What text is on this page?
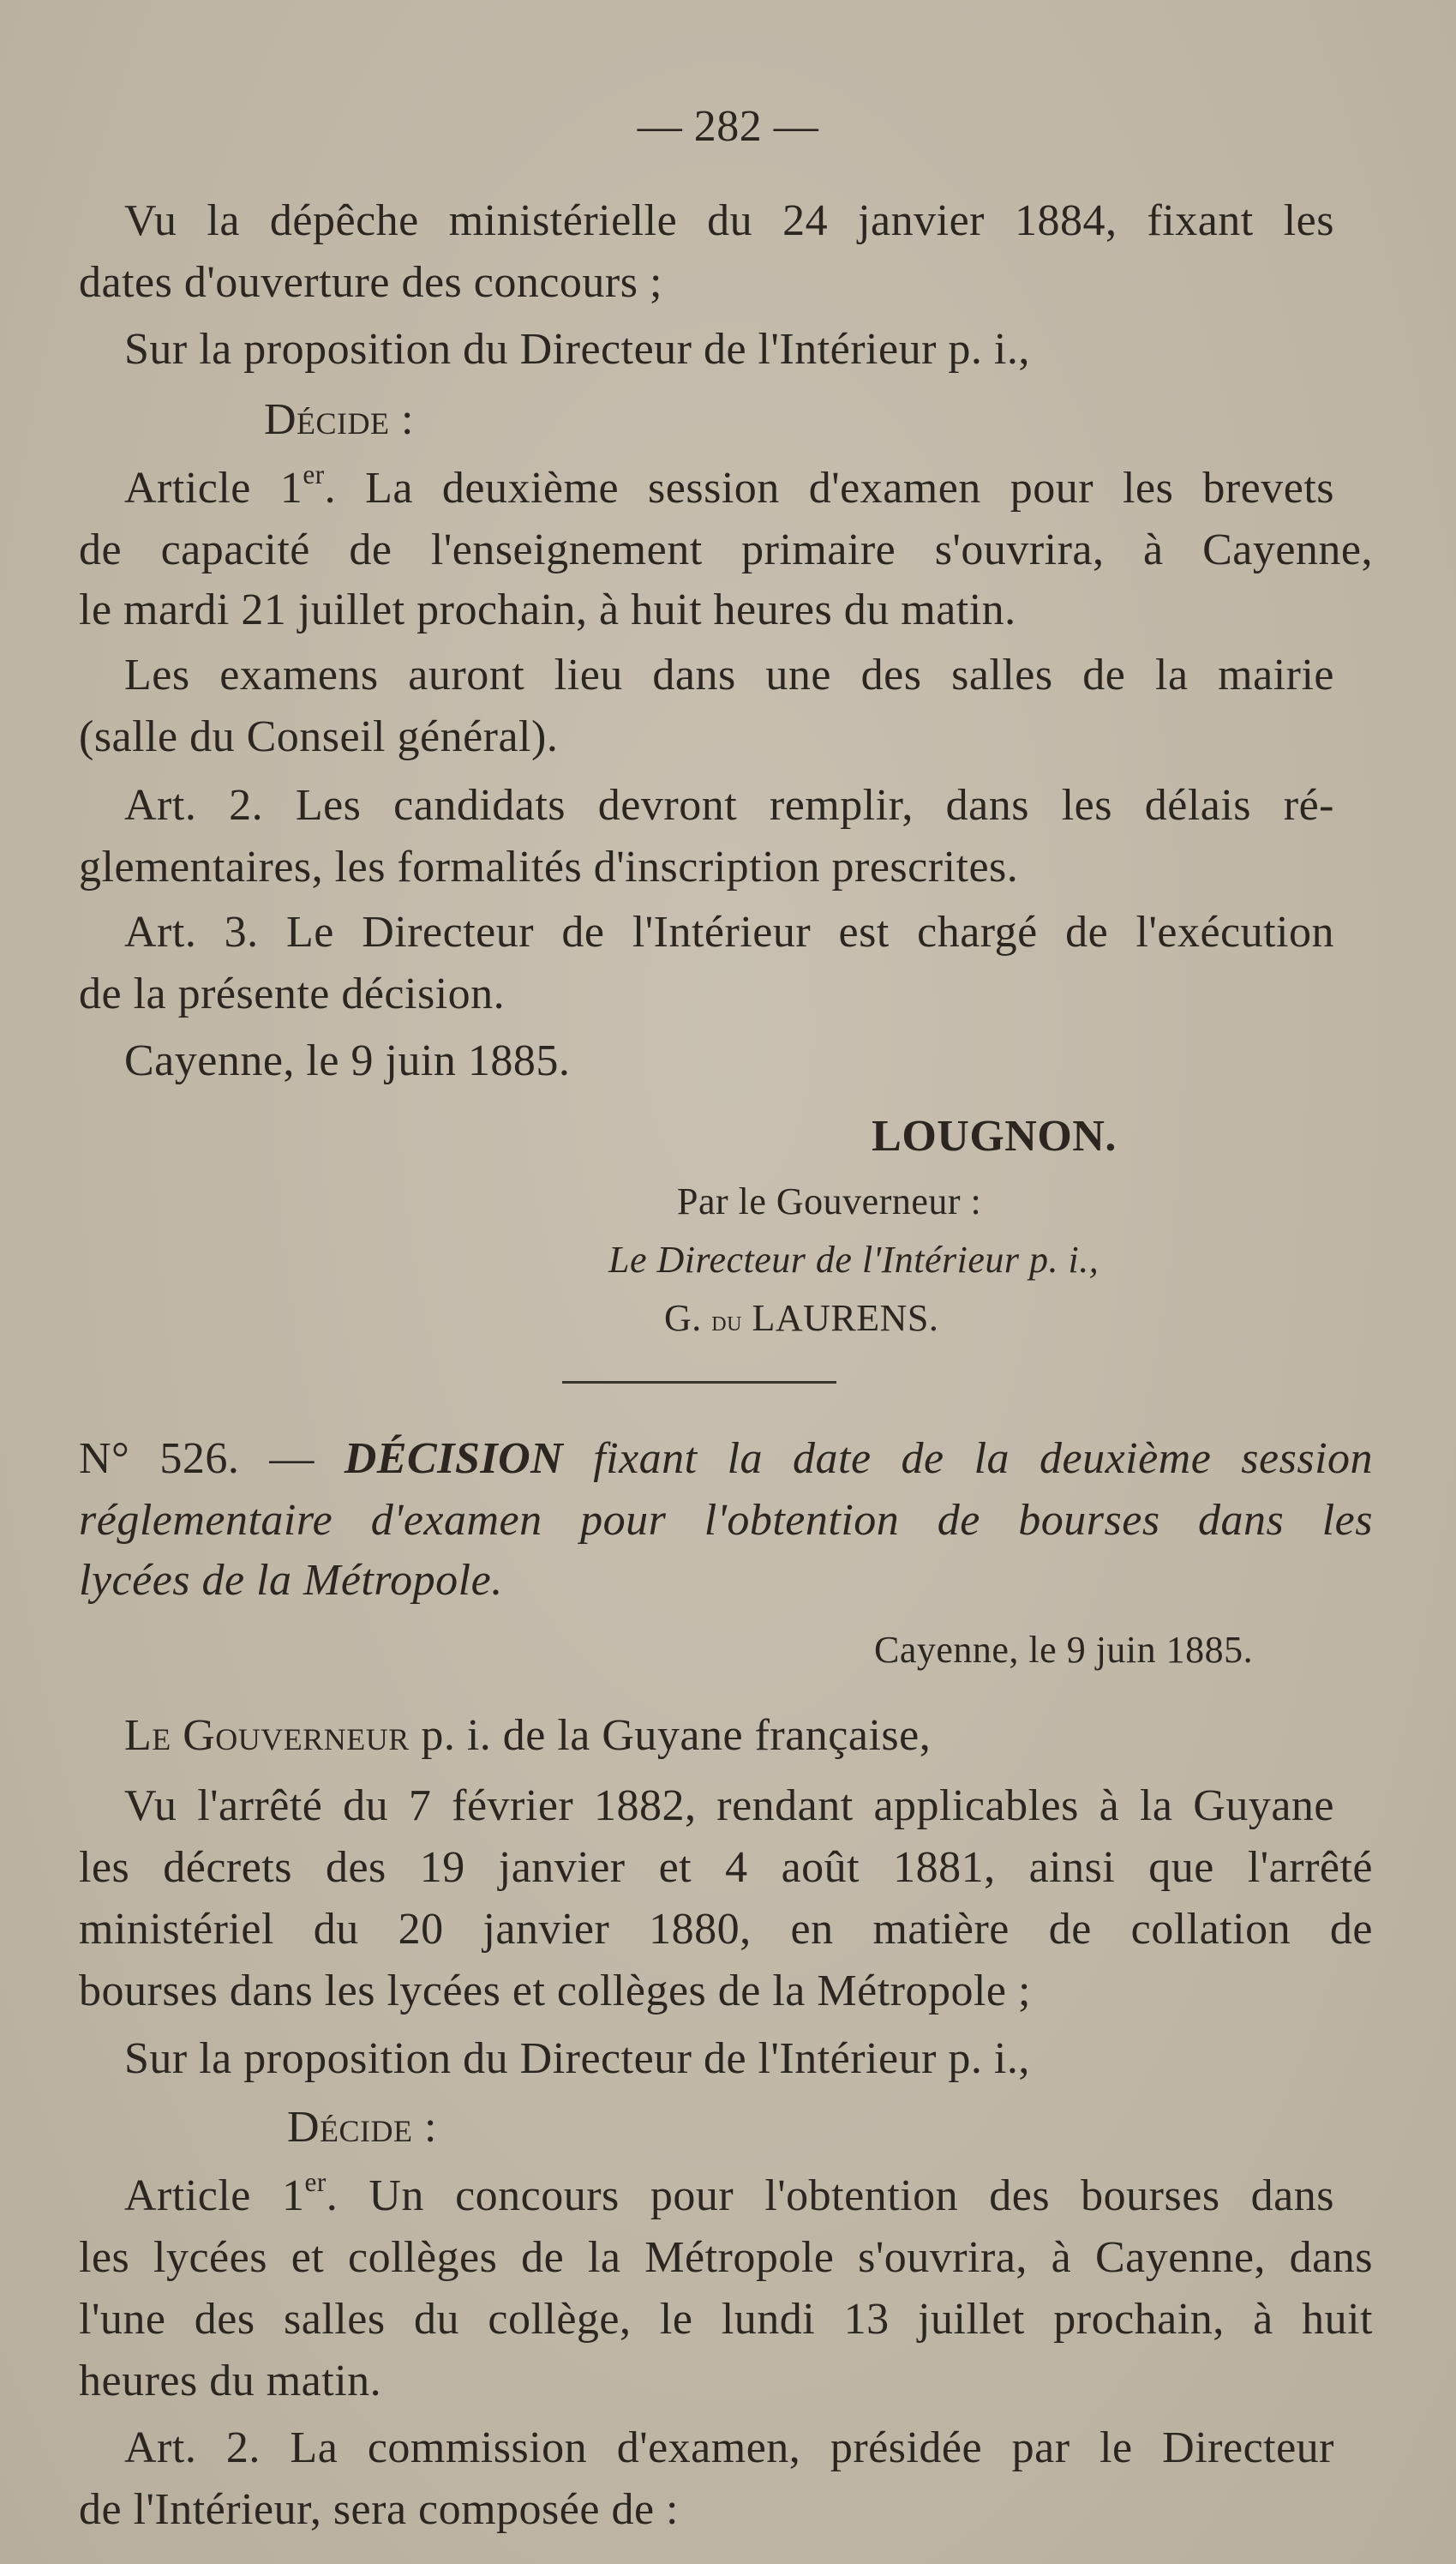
— 282 —
Vu la dépêche ministérielle du 24 janvier 1884, fixant les
dates d'ouverture des concours ;
Sur la proposition du Directeur de l'Intérieur p. i.,
Décide :
Article 1er. La deuxième session d'examen pour les brevets
de capacité de l'enseignement primaire s'ouvrira, à Cayenne,
le mardi 21 juillet prochain, à huit heures du matin.
Les examens auront lieu dans une des salles de la mairie
(salle du Conseil général).
Art. 2. Les candidats devront remplir, dans les délais ré-
glementaires, les formalités d'inscription prescrites.
Art. 3. Le Directeur de l'Intérieur est chargé de l'exécution
de la présente décision.
Cayenne, le 9 juin 1885.
LOUGNON.
Par le Gouverneur :
Le Directeur de l'Intérieur p. i.,
G. du LAURENS.
N° 526. — DÉCISION fixant la date de la deuxième session
réglementaire d'examen pour l'obtention de bourses dans les
lycées de la Métropole.
Cayenne, le 9 juin 1885.
Le Gouverneur p. i. de la Guyane française,
Vu l'arrêté du 7 février 1882, rendant applicables à la Guyane
les décrets des 19 janvier et 4 août 1881, ainsi que l'arrêté
ministériel du 20 janvier 1880, en matière de collation de
bourses dans les lycées et collèges de la Métropole ;
Sur la proposition du Directeur de l'Intérieur p. i.,
Décide :
Article 1er. Un concours pour l'obtention des bourses dans
les lycées et collèges de la Métropole s'ouvrira, à Cayenne, dans
l'une des salles du collège, le lundi 13 juillet prochain, à huit
heures du matin.
Art. 2. La commission d'examen, présidée par le Directeur
de l'Intérieur, sera composée de :
